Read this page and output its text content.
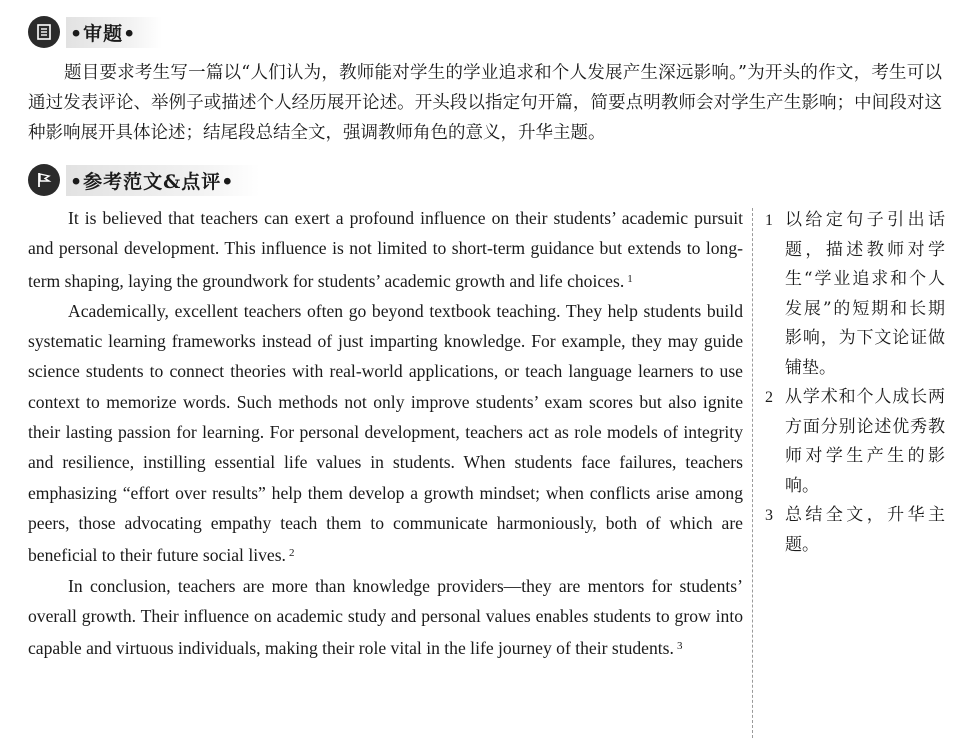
•审题•

题目要求考生写一篇以“人们认为，教师能对学生的学业追求和个人发展产生深远影响。”为开头的作文，考生可以通过发表评论、举例子或描述个人经历展开论述。开头段以指定句开篇，简要点明教师会对学生产生影响；中间段对这种影响展开具体论述；结尾段总结全文，强调教师角色的意义，升华主题。

•参考范文&点评•

It is believed that teachers can exert a profound influence on their students’ academic pursuit and personal development. This influence is not limited to short-term guidance but extends to long-term shaping, laying the groundwork for students’ academic growth and life choices. $^1$

Academically, excellent teachers often go beyond textbook teaching. They help students build systematic learning frameworks instead of just imparting knowledge. For example, they may guide science students to connect theories with real-world applications, or teach language learners to use context to memorize words. Such methods not only improve students’ exam scores but also ignite their lasting passion for learning. For personal development, teachers act as role models of integrity and resilience, instilling essential life values in students. When students face failures, teachers emphasizing “effort over results” help them develop a growth mindset; when conflicts arise among peers, those advocating empathy teach them to communicate harmoniously, both of which are beneficial to their future social lives. $^2$

In conclusion, teachers are more than knowledge providers—they are mentors for students’ overall growth. Their influence on academic study and personal values enables students to grow into capable and virtuous individuals, making their role vital in the life journey of their students. $^3$

1 以给定句子引出话题，描述教师对学生“学业追求和个人发展”的短期和长期影响，为下文论证做铺垫。
2 从学术和个人成长两方面分别论述优秀教师对学生产生的影响。
3 总结全文，升华主题。
